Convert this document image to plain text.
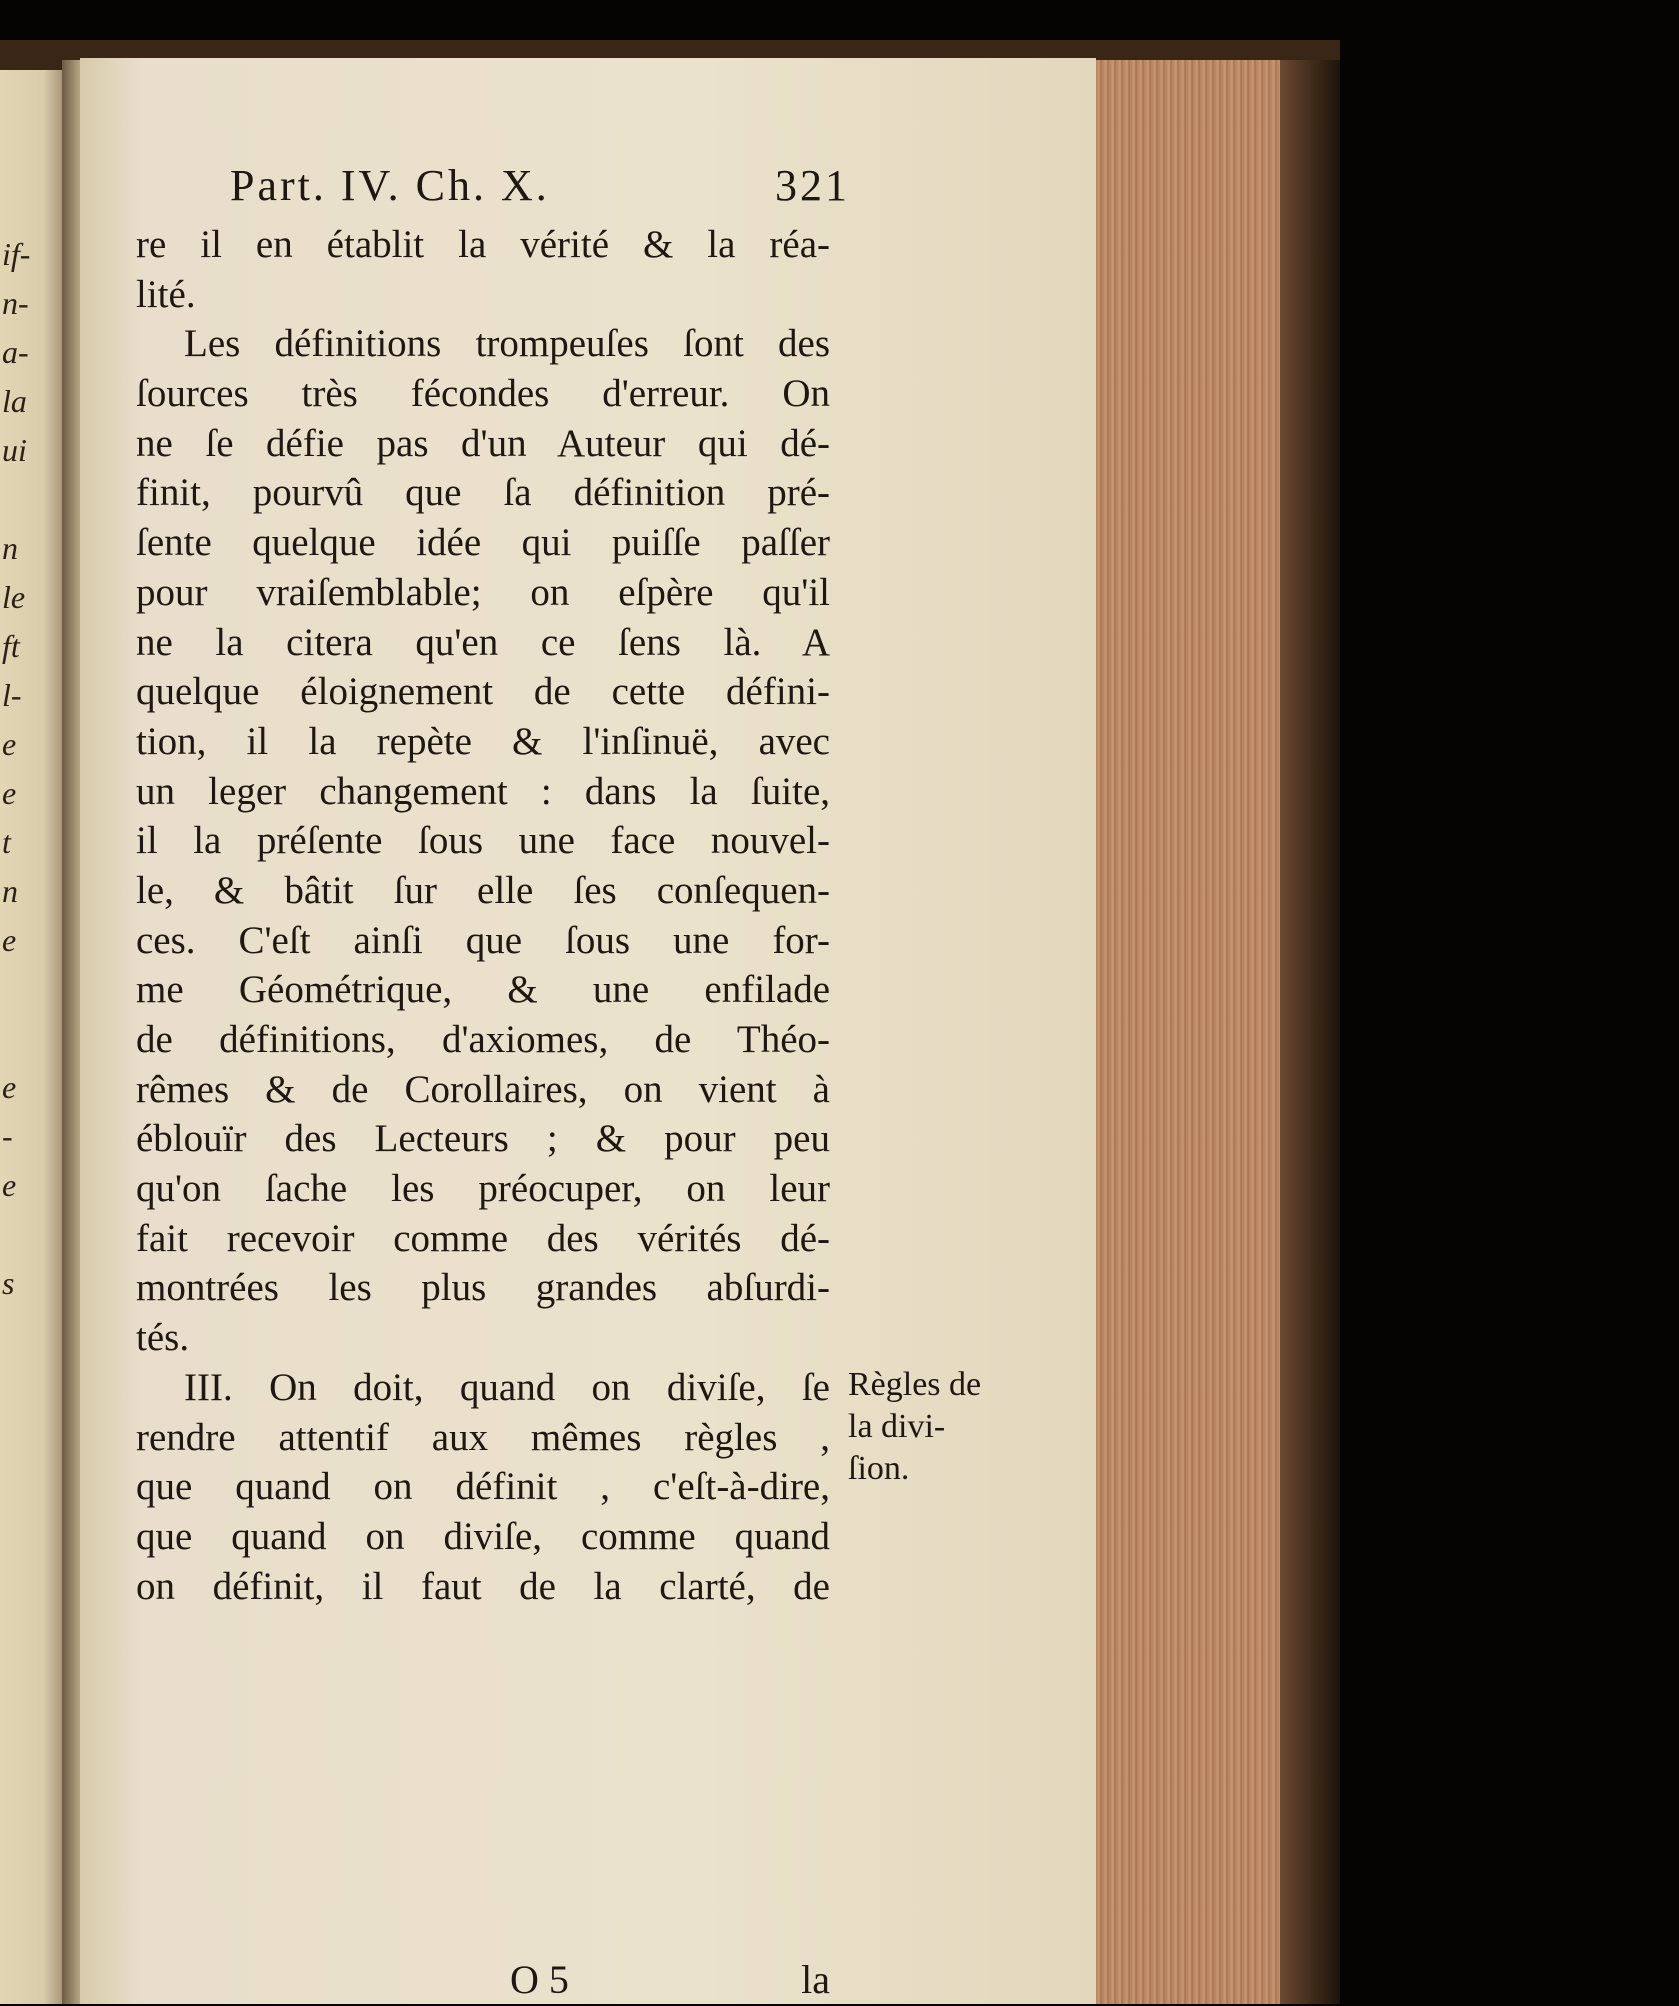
if-
n-
a-
la
ui
n
le
ft
l-
e
e
t
n
e
e
-
e
s
Part. IV. Ch. X.	321
re il en établit la vérité & la réa-
lité.
Les définitions trompeuſes ſont des
ſources très fécondes d'erreur. On
ne ſe défie pas d'un Auteur qui dé-
finit, pourvû que ſa définition pré-
ſente quelque idée qui puiſſe paſſer
pour vraiſemblable; on eſpère qu'il
ne la citera qu'en ce ſens là. A
quelque éloignement de cette défini-
tion, il la repète & l'inſinuë, avec
un leger changement : dans la ſuite,
il la préſente ſous une face nouvel-
le, & bâtit ſur elle ſes conſequen-
ces. C'eſt ainſi que ſous une for-
me Géométrique, & une enfilade
de définitions, d'axiomes, de Théo-
rêmes & de Corollaires, on vient à
éblouïr des Lecteurs ; & pour peu
qu'on ſache les préocuper, on leur
fait recevoir comme des vérités dé-
montrées les plus grandes abſurdi-
tés.
III. On doit, quand on diviſe, ſe
rendre attentif aux mêmes règles ,
que quand on définit , c'eſt-à-dire,
que quand on diviſe, comme quand
on définit, il faut de la clarté, de
Règles de
la divi-
ſion.
O 5	la
